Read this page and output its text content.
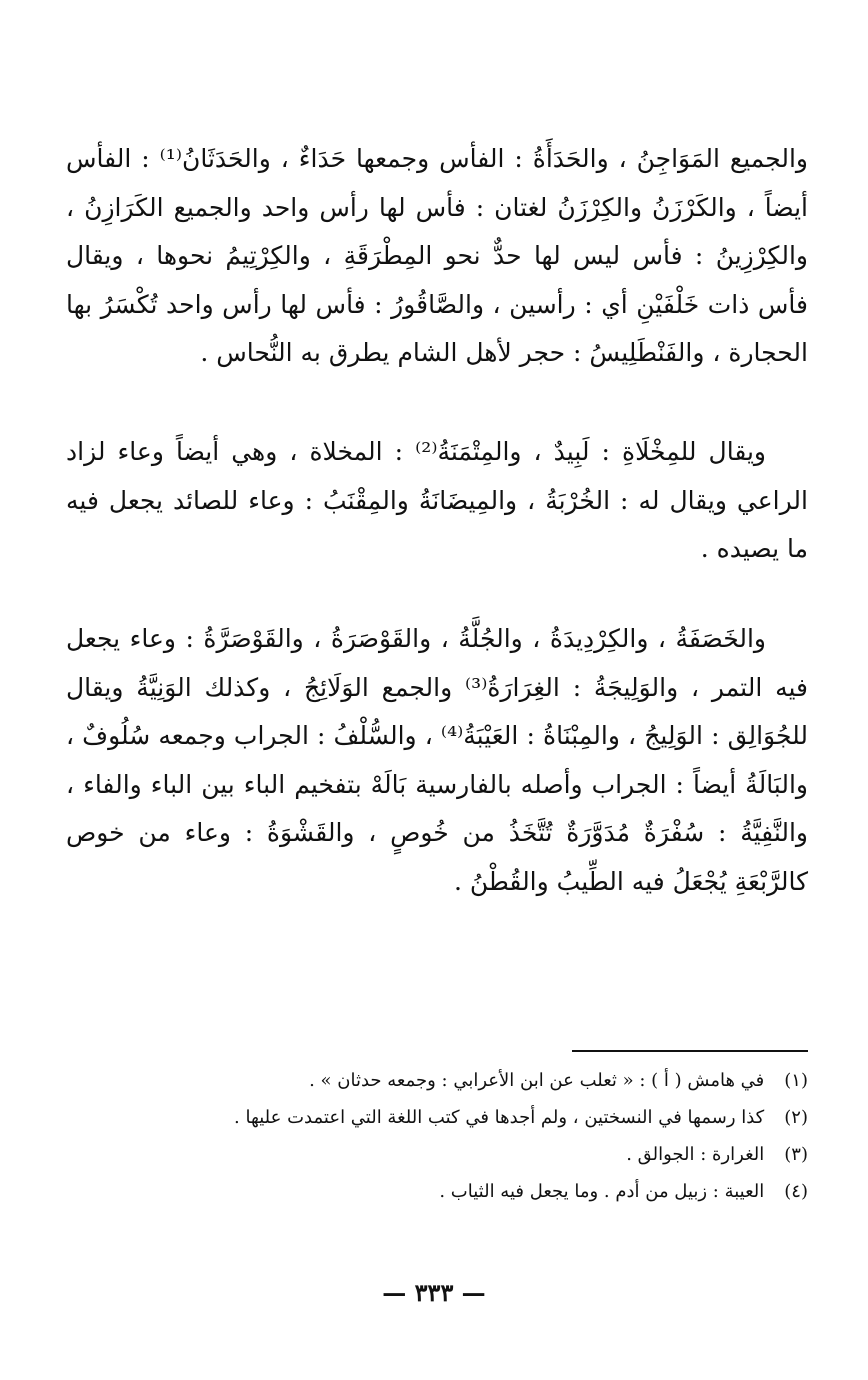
والجميع المَوَاجِنُ ، والحَدَأَةُ : الفأس وجمعها حَدَاءٌ ، والحَدَثَانُ⁽¹⁾ : الفأس أيضاً ، والكَرْزَنُ والكِرْزَنُ لغتان : فأس لها رأس واحد والجميع الكَرَازِنُ ، والكِرْزِينُ : فأس ليس لها حدٌّ نحو المِطْرَقَةِ ، والكِرْتِيمُ نحوها ، ويقال فأس ذات خَلْفَيْنِ أي : رأسين ، والصَّاقُورُ : فأس لها رأس واحد تُكْسَرُ بها الحجارة ، والفَنْطَلِيسُ : حجر لأهل الشام يطرق به النُّحاس .

ويقال للمِخْلَاةِ : لَبِيدٌ ، والمِتْمَنَةُ⁽²⁾ : المخلاة ، وهي أيضاً وعاء لزاد الراعي ويقال له : الخُرْبَةُ ، والمِيضَانَةُ والمِقْنَبُ : وعاء للصائد يجعل فيه ما يصيده .

والخَصَفَةُ ، والكِرْدِيدَةُ ، والجُلَّةُ ، والقَوْصَرَةُ ، والقَوْصَرَّةُ : وعاء يجعل فيه التمر ، والوَلِيجَةُ : الغِرَارَةُ⁽³⁾ والجمع الوَلَائِجُ ، وكذلك الوَنِيَّةُ ويقال للجُوَالِق : الوَلِيجُ ، والمِبْنَاةُ : العَيْبَةُ⁽⁴⁾ ، والسُّلْفُ : الجراب وجمعه سُلُوفٌ ، والبَالَةُ أيضاً : الجراب وأصله بالفارسية بَالَهْ بتفخيم الباء بين الباء والفاء ، والنَّفِيَّةُ : سُفْرَةٌ مُدَوَّرَةٌ تُتَّخَذُ من خُوصٍ ، والقَشْوَةُ : وعاء من خوص كالرَّبْعَةِ يُجْعَلُ فيه الطِّيبُ والقُطْنُ .

(١) في هامش ( أ ) : « ثعلب عن ابن الأعرابي : وجمعه حدثان » .
(٢) كذا رسمها في النسختين ، ولم أجدها في كتب اللغة التي اعتمدت عليها .
(٣) الغرارة : الجوالق .
(٤) العيبة : زبيل من أدم . وما يجعل فيه الثياب .
— ٣٣٣ —
